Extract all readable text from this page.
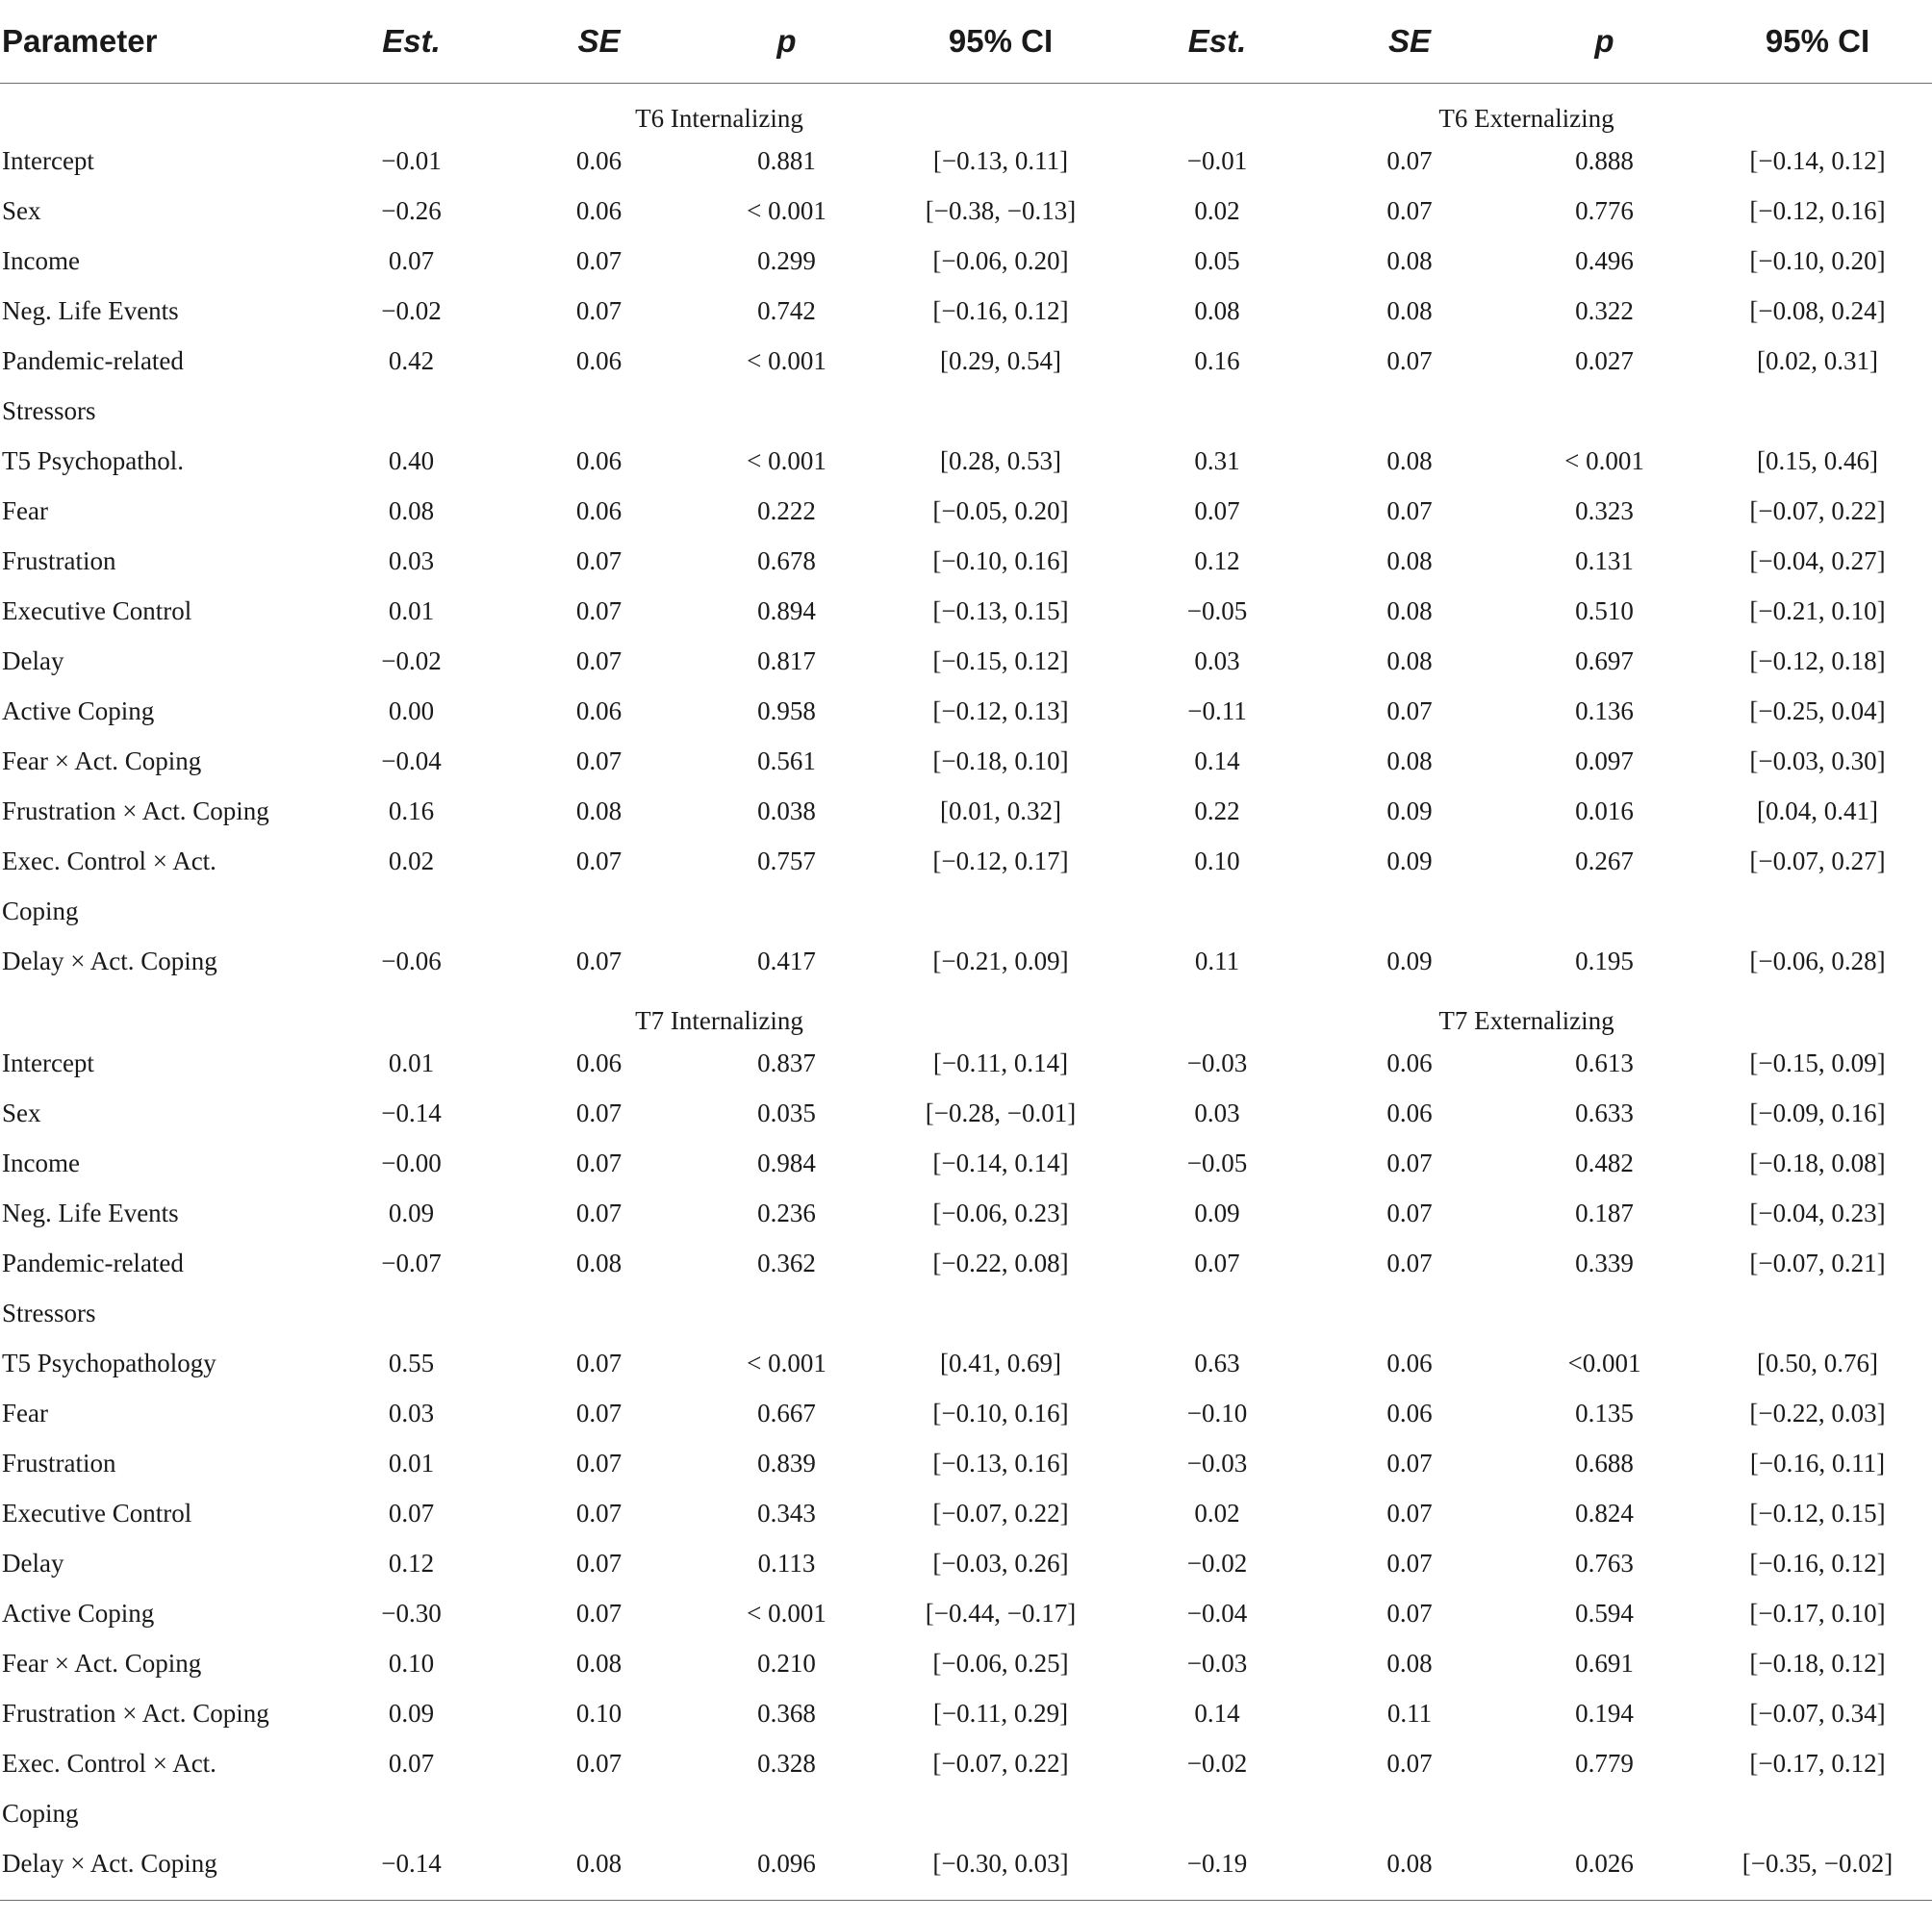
Parameter	Est.	SE	p	95% CI	Est.	SE	p	95% CI
	T6 Internalizing				T6 Externalizing			
Intercept	−0.01	0.06	0.881	[−0.13, 0.11]	−0.01	0.07	0.888	[−0.14, 0.12]
Sex	−0.26	0.06	< 0.001	[−0.38, −0.13]	0.02	0.07	0.776	[−0.12, 0.16]
Income	0.07	0.07	0.299	[−0.06, 0.20]	0.05	0.08	0.496	[−0.10, 0.20]
Neg. Life Events	−0.02	0.07	0.742	[−0.16, 0.12]	0.08	0.08	0.322	[−0.08, 0.24]
Pandemic-related	0.42	0.06	< 0.001	[0.29, 0.54]	0.16	0.07	0.027	[0.02, 0.31]
Stressors								
T5 Psychopathol.	0.40	0.06	< 0.001	[0.28, 0.53]	0.31	0.08	< 0.001	[0.15, 0.46]
Fear	0.08	0.06	0.222	[−0.05, 0.20]	0.07	0.07	0.323	[−0.07, 0.22]
Frustration	0.03	0.07	0.678	[−0.10, 0.16]	0.12	0.08	0.131	[−0.04, 0.27]
Executive Control	0.01	0.07	0.894	[−0.13, 0.15]	−0.05	0.08	0.510	[−0.21, 0.10]
Delay	−0.02	0.07	0.817	[−0.15, 0.12]	0.03	0.08	0.697	[−0.12, 0.18]
Active Coping	0.00	0.06	0.958	[−0.12, 0.13]	−0.11	0.07	0.136	[−0.25, 0.04]
Fear × Act. Coping	−0.04	0.07	0.561	[−0.18, 0.10]	0.14	0.08	0.097	[−0.03, 0.30]
Frustration × Act. Coping	0.16	0.08	0.038	[0.01, 0.32]	0.22	0.09	0.016	[0.04, 0.41]
Exec. Control × Act.	0.02	0.07	0.757	[−0.12, 0.17]	0.10	0.09	0.267	[−0.07, 0.27]
Coping								
Delay × Act. Coping	−0.06	0.07	0.417	[−0.21, 0.09]	0.11	0.09	0.195	[−0.06, 0.28]
	T7 Internalizing				T7 Externalizing			
Intercept	0.01	0.06	0.837	[−0.11, 0.14]	−0.03	0.06	0.613	[−0.15, 0.09]
Sex	−0.14	0.07	0.035	[−0.28, −0.01]	0.03	0.06	0.633	[−0.09, 0.16]
Income	−0.00	0.07	0.984	[−0.14, 0.14]	−0.05	0.07	0.482	[−0.18, 0.08]
Neg. Life Events	0.09	0.07	0.236	[−0.06, 0.23]	0.09	0.07	0.187	[−0.04, 0.23]
Pandemic-related	−0.07	0.08	0.362	[−0.22, 0.08]	0.07	0.07	0.339	[−0.07, 0.21]
Stressors								
T5 Psychopathology	0.55	0.07	< 0.001	[0.41, 0.69]	0.63	0.06	<0.001	[0.50, 0.76]
Fear	0.03	0.07	0.667	[−0.10, 0.16]	−0.10	0.06	0.135	[−0.22, 0.03]
Frustration	0.01	0.07	0.839	[−0.13, 0.16]	−0.03	0.07	0.688	[−0.16, 0.11]
Executive Control	0.07	0.07	0.343	[−0.07, 0.22]	0.02	0.07	0.824	[−0.12, 0.15]
Delay	0.12	0.07	0.113	[−0.03, 0.26]	−0.02	0.07	0.763	[−0.16, 0.12]
Active Coping	−0.30	0.07	< 0.001	[−0.44, −0.17]	−0.04	0.07	0.594	[−0.17, 0.10]
Fear × Act. Coping	0.10	0.08	0.210	[−0.06, 0.25]	−0.03	0.08	0.691	[−0.18, 0.12]
Frustration × Act. Coping	0.09	0.10	0.368	[−0.11, 0.29]	0.14	0.11	0.194	[−0.07, 0.34]
Exec. Control × Act.	0.07	0.07	0.328	[−0.07, 0.22]	−0.02	0.07	0.779	[−0.17, 0.12]
Coping								
Delay × Act. Coping	−0.14	0.08	0.096	[−0.30, 0.03]	−0.19	0.08	0.026	[−0.35, −0.02]
